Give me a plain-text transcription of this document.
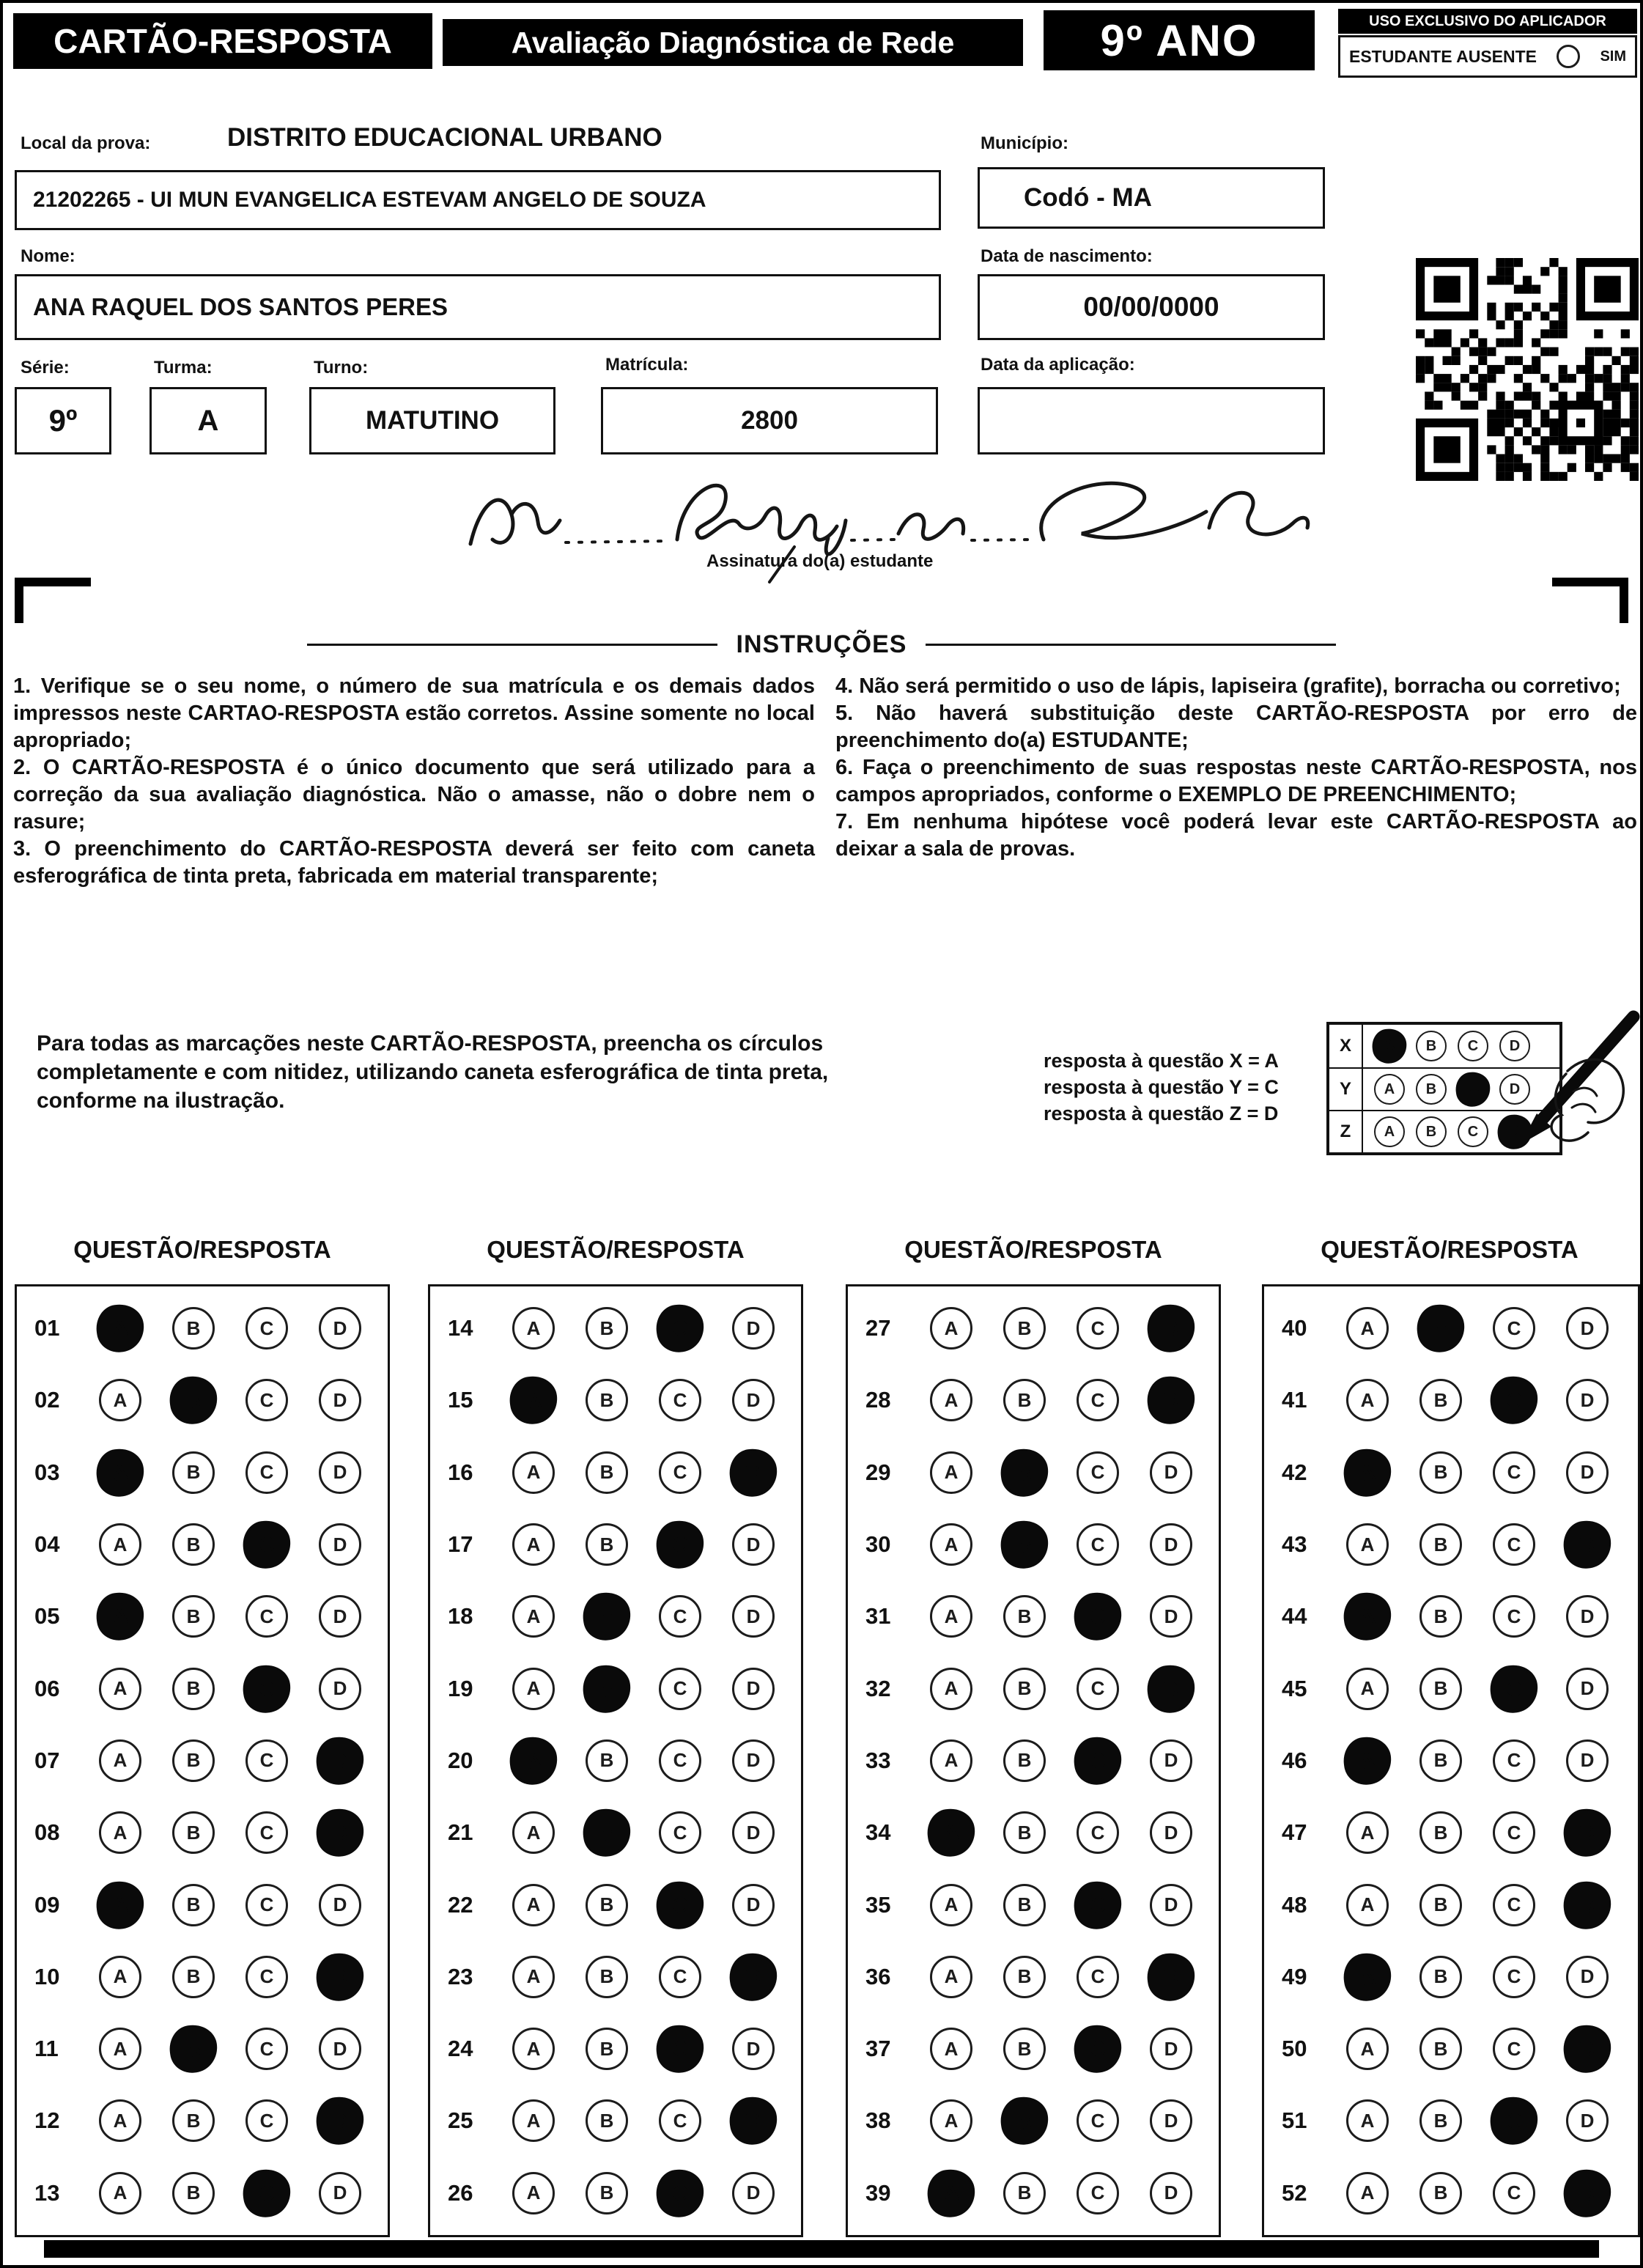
CARTÃO-RESPOSTA	Avaliação Diagnóstica de Rede	9º ANO	USO EXCLUSIVO DO APLICADOR
ESTUDANTE AUSENTE	SIM
Local da prova:	DISTRITO EDUCACIONAL URBANO
21202265 - UI MUN EVANGELICA ESTEVAM ANGELO DE SOUZA
Município:
Codó - MA
Nome:
ANA RAQUEL DOS SANTOS PERES
Data de nascimento:
00/00/0000
Série:
9º
Turma:
A
Turno:
MATUTINO
Matrícula:
2800
Data da aplicação:
Assinatura do(a) estudante
INSTRUÇÕES

1. Verifique se o seu nome, o número de sua matrícula e os demais dados impressos neste CARTAO-RESPOSTA estão corretos. Assine somente no local apropriado;

2. O CARTÃO-RESPOSTA é o único documento que será utilizado para a correção da sua avaliação diagnóstica. Não o amasse, não o dobre nem o rasure;

3. O preenchimento do CARTÃO-RESPOSTA deverá ser feito com caneta esferográfica de tinta preta, fabricada em material transparente;

4. Não será permitido o uso de lápis, lapiseira (grafite), borracha ou corretivo;

5. Não haverá substituição deste CARTÃO-RESPOSTA por erro de preenchimento do(a) ESTUDANTE;

6. Faça o preenchimento de suas respostas neste CARTÃO-RESPOSTA, nos campos apropriados, conforme o EXEMPLO DE PREENCHIMENTO;

7. Em nenhuma hipótese você poderá levar este CARTÃO-RESPOSTA ao deixar a sala de provas.

Para todas as marcações neste CARTÃO-RESPOSTA, preencha os círculos completamente e com nitidez, utilizando caneta esferográfica de tinta preta, conforme na ilustração.
resposta à questão X = A
resposta à questão Y = C
resposta à questão Z = D
X	A	B	C	D
Y	A	B	C	D
Z	A	B	C	D
QUESTÃO/RESPOSTA	QUESTÃO/RESPOSTA	QUESTÃO/RESPOSTA	QUESTÃO/RESPOSTA
01	A	B	C	D
02	A	B	C	D
03	A	B	C	D
04	A	B	C	D
05	A	B	C	D
06	A	B	C	D
07	A	B	C	D
08	A	B	C	D
09	A	B	C	D
10	A	B	C	D
11	A	B	C	D
12	A	B	C	D
13	A	B	C	D
14	A	B	C	D
15	A	B	C	D
16	A	B	C	D
17	A	B	C	D
18	A	B	C	D
19	A	B	C	D
20	A	B	C	D
21	A	B	C	D
22	A	B	C	D
23	A	B	C	D
24	A	B	C	D
25	A	B	C	D
26	A	B	C	D
27	A	B	C	D
28	A	B	C	D
29	A	B	C	D
30	A	B	C	D
31	A	B	C	D
32	A	B	C	D
33	A	B	C	D
34	A	B	C	D
35	A	B	C	D
36	A	B	C	D
37	A	B	C	D
38	A	B	C	D
39	A	B	C	D
40	A	B	C	D
41	A	B	C	D
42	A	B	C	D
43	A	B	C	D
44	A	B	C	D
45	A	B	C	D
46	A	B	C	D
47	A	B	C	D
48	A	B	C	D
49	A	B	C	D
50	A	B	C	D
51	A	B	C	D
52	A	B	C	D
